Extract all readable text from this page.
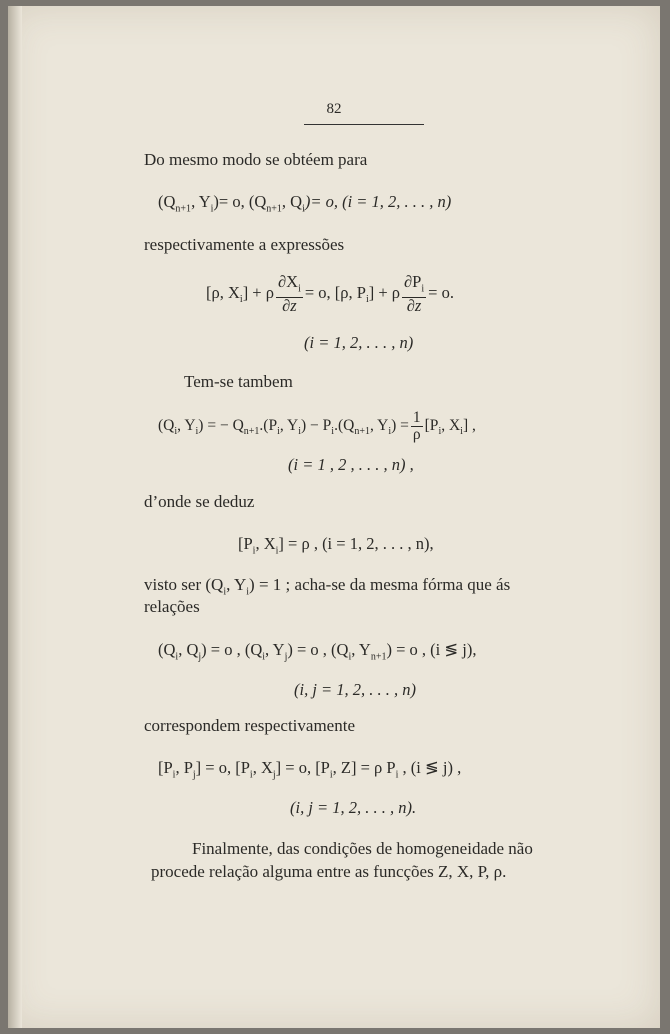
82
Do mesmo modo se obtéem para
($Q_{n+1}$, $Y_i)= o$, ($Q_{n+1}$, $Q_i)= o$, (i = 1, 2, . . . , n)
respectivamente a expressões
[ρ, $X_i] + \rho \frac{\partial X_i}{\partial z} = o$, [ρ, $P_i] + \rho \frac{\partial P_i}{\partial z} = o$.
(i = 1, 2, . . . , n)
Tem-se tambem
($Q_i$, $Y_i$) = − $Q_{n+1}.(P_i$, $Y_i) - P_i.(Q_{n+1}$, $Y_i) = \frac{1}{\rho} [P_i$, $X_i$] ,
(i = 1 , 2 , . . . , n) ,
d’onde se deduz
[$P_i$, $X_i] = \rho$ , (i = 1, 2, . . . , n),
visto ser ($Q_i$, $Y_i) = 1$ ; acha-se da mesma fórma que ás
relações
($Q_i$, $Q_j) = o$ , ($Q_i$, $Y_j) = o$ , ($Q_i$, $Y_{n+1}) = o$ , (i ≶ j),
(i, j = 1, 2, . . . , n)
correspondem respectivamente
[$P_i$, $P_j] = o$, [$P_i$, $X_j] = o$, [$P_i$, Z] = ρ $P_i$ , (i ≶ j) ,
(i, j = 1, 2, . . . , n).
Finalmente, das condições de homogeneidade não
procede relação alguma entre as funcções Z, X, P, ρ.
